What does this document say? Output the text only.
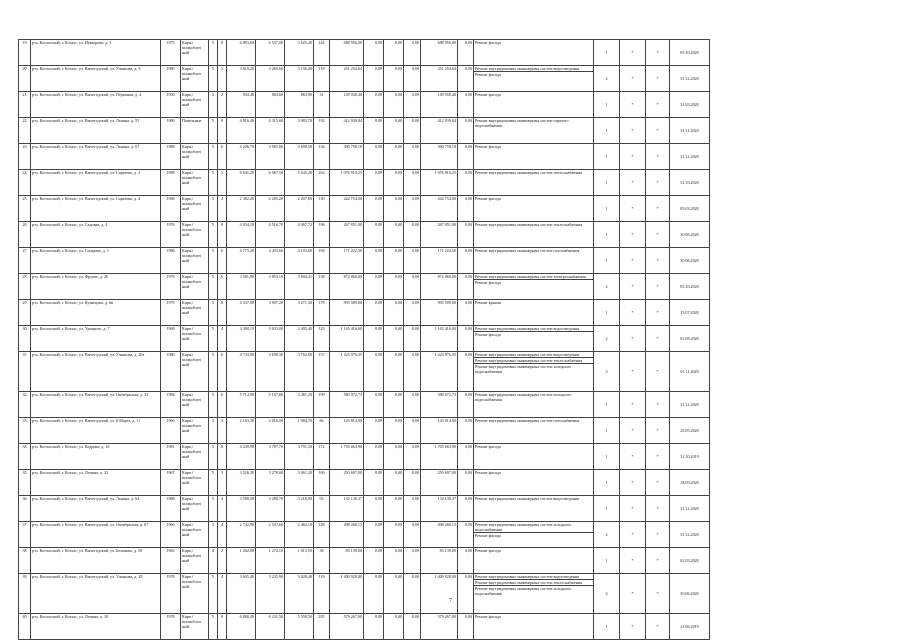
19	р-н. Котласский, г. Котлас, ул. Невзорова, д. 3	1975	Кирп./ шлакоблоч ный	5	8	6 893,60	6 537,00	3 625,20	244	688 956,00	0,00	0,00	0,00	688 956,00	0,00	Ремонт фасада	1	*	*	05.10.2020
20	р-н. Котласский, г. Котлас, ул. Вычегодский, ул. Ульянова, д. 5	1980	Кирп./ шлакоблоч ный	5	5	3 619,20	3 265,60	3 156,49	118	251 254,64	0,00	0,00	0,00	251 254,64	0,00	Ремонт внутридомовых инженерных систем водоотведения
Ремонт фасада	2	*	*	31.12.2020
21	р-н. Котласский, г. Котлас, ул. Вычегодский, ул. Первомая, д. 4	1950	Кирп./ шлакоблоч ный	3	2	934,40	884,60	863,90	31	149 058,40	0,00	0,00	0,00	149 058,40	0,00	Ремонт фасада	1	*	*	31.05.2020
22	р-н. Котласский, г. Котлас, ул. Вычегодский, ул. Ленина, д. 55	1980	Панельные	5	6	4 816,40	4 315,60	3 983,70	192	412 939,84	0,00	0,00	0,00	412 939,84	0,00	Ремонт внутридомовых инженерных систем горячего водоснабжения	1	*	*	31.11.2020
23	р-н. Котласский, г. Котлас, ул. Вычегодский, ул. Ленина, д. 67	1988	Кирп./ шлакоблоч ный	5	6	4 206,70	3 965,80	3 698,50	136	390 758,18	0,00	0,00	0,00	390 758,18	0,00	Ремонт фасада	1	*	*	31.12.2020
24	р-н. Котласский, г. Котлас, ул. Вычегодский, ул. Саратова, д. 3	1988	Кирп./ шлакоблоч ный	5	5	6 641,20	6 067,50	5 645,20	262	1 076 910,25	0,00	0,00	0,00	1 076 910,25	0,00	Ремонт внутридомовых инженерных систем теплоснабжения	1	*	*	31.10.2020
25	р-н. Котласский, г. Котлас, ул. Вычегодский, ул. Саратова, д. 4	1968	Кирп./ шлакоблоч ный	5	4	2 382,20	2 205,20	2 207,80	130	242 754,00	0,00	0,00	0,00	242 754,00	0,00	Ремонт фасада	1	*	*	05.03.2020
26	р-н. Котласский, г. Котлас, ул. Садовая, д. 4	1976	Кирп./ шлакоблоч ный	5	6	4 934,10	4 516,70	4 067,72	196	267 851,00	0,00	0,00	0,00	267 851,00	0,00	Ремонт внутридомовых инженерных систем теплоснабжения	1	*	*	30.06.2020
27	р-н. Котласский, г. Котлас, ул. Гагарина, д. 1	1986	Кирп./ шлакоблоч ный	5	6	4 775,20	4 403,60	4 103,60	194	171 222,50	0,00	0,00	0,00	171 222,50	0,00	Ремонт внутридомовых инженерных систем газоснабжения	1	*	*	30.06.2020
28	р-н. Котласский, г. Котлас, ул. Фрунзе, д. 26	1978	Кирп./ шлакоблоч ный	5	6	3 581,80	3 853,19	3 694,41	138	872 060,00	0,00	0,00	0,00	872 060,00	0,00	Ремонт внутридомовых инженерных систем электроснабжения
Ремонт фасада	2	*	*	05.10.2020
29	р-н. Котласский, г. Котлас, ул. Кузнецова, д. 6в	1979	Кирп./ шлакоблоч ный	5	6	4 337,00	3 907,20	3 271,30	178	995 589,00	0,00	0,00	0,00	995 589,00	0,00	Ремонт крыши	1	*	*	15.07.2020
30	р-н. Котласский, г. Котлас, ул. Урицкого, д. 7	1968	Кирп./ шлакоблоч ный	5	4	3 390,10	3 033,00	2 495,40	125	1 165 416,00	0,00	0,00	0,00	1 165 416,00	0,00	Ремонт внутридомовых инженерных систем водоотведения
Ремонт фасада	2	*	*	01.08.2020
31	р-н. Котласский, г. Котлас, ул. Вычегодский, ул. Ульянова, д. 20а	1980	Кирп./ шлакоблоч ный	5	6	4 733,80	3 698,30	3 762,80	157	1 423 976,35	0,00	0,00	0,00	1 423 976,35	0,00	Ремонт внутридомовых инженерных систем водоотведения
Ремонт внутридомовых инженерных систем теплоснабжения
Ремонт внутридомовых инженерных систем холодного водоснабжения	3	*	*	01.11.2020
32	р-н. Котласский, г. Котлас, ул. Вычегодский, ул. Октябрьская, д. 33	1984	Кирп./ шлакоблоч ный	5	6	5 714,90	5 137,80	4 481,29	199	580 072,73	0,00	0,00	0,00	580 072,73	0,00	Ремонт внутридомовых инженерных систем холодного водоснабжения	1	*	*	31.12.2020
33	р-н. Котласский, г. Котлас, ул. Вычегодский, ул. 8 Марта, д. 11	1966	Кирп./ шлакоблоч ный	4	3	2 163,30	2 016,00	1 984,70	84	143 814,90	0,00	0,00	0,00	143 814,90	0,00	Ремонт внутридомовых инженерных систем газоснабжения	1	*	*	29.05.2020
34	р-н. Котласский, г. Котлас, ул. Кедрова, д. 16	1981	Кирп./ шлакоблоч ный	5	6	4 249,90	3 797,70	3 791,50	172	1 705 663,90	0,00	0,00	0,00	1 705 663,90	0,00	Ремонт фасада	1	*	*	31.10.2019
35	р-н. Котласский, г. Котлас, ул. Ленина, д. 32	1967	Кирп./ шлакоблоч ный	5	3	3 526,30	3 278,60	3 061,20	160	250 697,00	0,00	0,00	0,00	250 697,00	0,00	Ремонт фасада	1	*	*	18.09.2020
36	р-н. Котласский, г. Котлас, ул. Вычегодский, ул. Ленина, д. 64	1968	Кирп./ шлакоблоч ный	5	4	3 598,30	3 280,70	3 219,90	93	132 130,37	0,00	0,00	0,00	132 130,37	0,00	Ремонт внутридомовых инженерных систем водоотведения	1	*	*	31.12.2020
37	р-н. Котласский, г. Котлас, ул. Вычегодский, ул. Октябрьская, д. 67	1966	Кирп./ шлакоблоч ный	4	4	2 742,90	2 547,60	2 462,10	128	498 260,13	0,00	0,00	0,00	498 260,13	0,00	Ремонт внутридомовых инженерных систем холодного водоснабжения
Ремонт фасада	2	*	*	31.12.2020
38	р-н. Котласский, г. Котлас, ул. Вычегодский, ул. Беликова, д. 58	1963	Кирп./ шлакоблоч ный	4	2	1 262,80	1 274,10	1 013,50	38	83 139,00	0,00	0,00	0,00	83 139,00	0,00	Ремонт фасада	1	*	*	02.05.2020
39	р-н. Котласский, г. Котлас, ул. Вычегодский, ул. Ульянова, д. 28	1978	Кирп./ шлакоблоч ный	5	4	3 605,40	3 235,90	3 028,40	118	1 400 928,00	0,00	0,00	0,00	1 400 928,00	0,00	Ремонт внутридомовых инженерных систем водоотведения
Ремонт внутридомовых инженерных систем теплоснабжения
Ремонт внутридомовых инженерных систем холодного водоснабжения	3	*	*	30.06.2020
40	р-н. Котласский, г. Котлас, ул. Ленина, д. 10	1978	Кирп./ шлакоблоч ный	5	6	6 880,40	6 231,50	5 558,50	285	579 267,00	0,00	0,00	0,00	579 267,00	0,00	Ремонт фасада	1	*	*	21.06.2019
7
